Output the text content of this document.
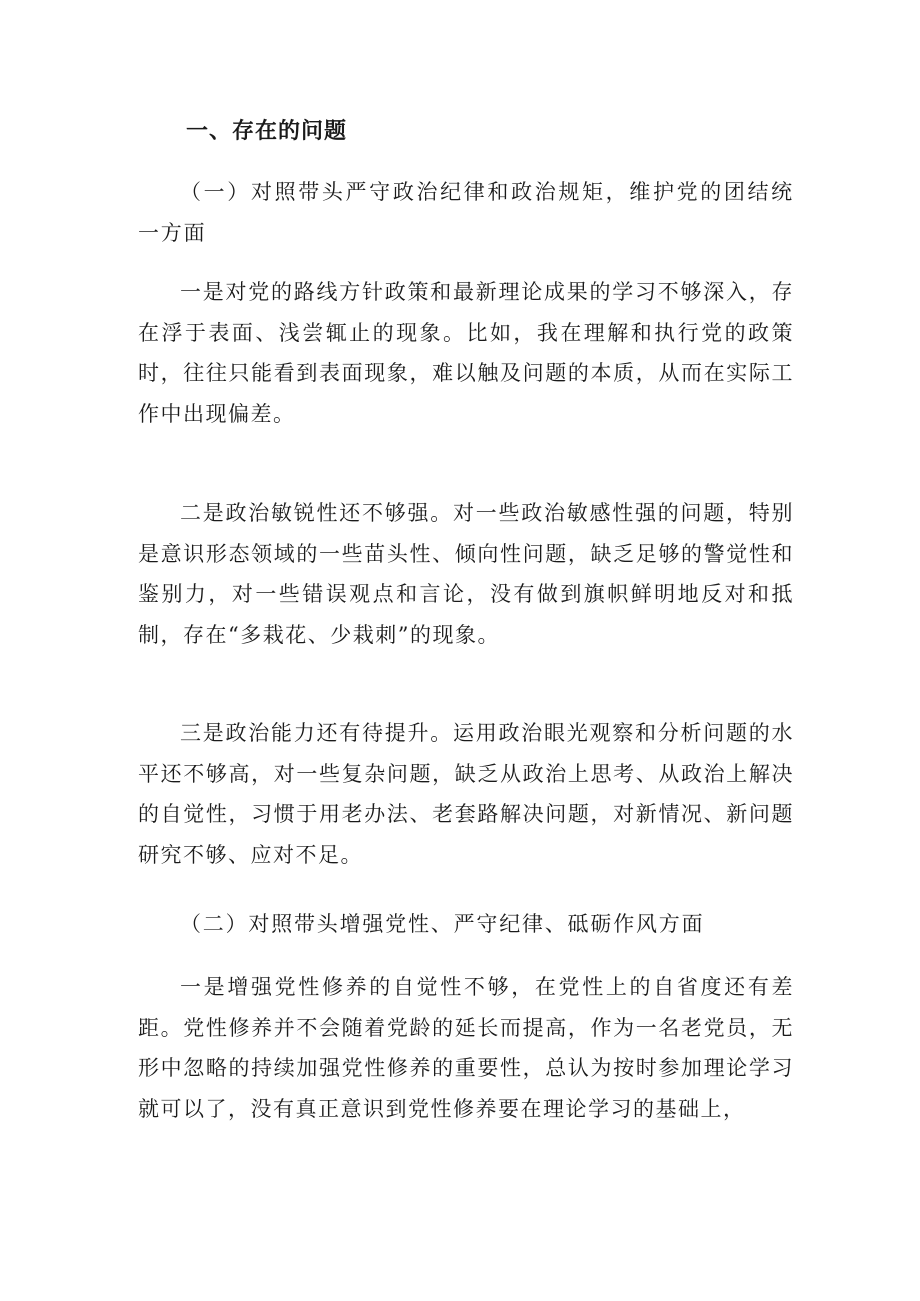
一、存在的问题

（一）对照带头严守政治纪律和政治规矩，维护党的团结统一方面

一是对党的路线方针政策和最新理论成果的学习不够深入，存在浮于表面、浅尝辄止的现象。比如，我在理解和执行党的政策时，往往只能看到表面现象，难以触及问题的本质，从而在实际工作中出现偏差。

二是政治敏锐性还不够强。对一些政治敏感性强的问题，特别是意识形态领域的一些苗头性、倾向性问题，缺乏足够的警觉性和鉴别力，对一些错误观点和言论，没有做到旗帜鲜明地反对和抵制，存在“多栽花、少栽刺”的现象。

三是政治能力还有待提升。运用政治眼光观察和分析问题的水平还不够高，对一些复杂问题，缺乏从政治上思考、从政治上解决的自觉性，习惯于用老办法、老套路解决问题，对新情况、新问题研究不够、应对不足。

（二）对照带头增强党性、严守纪律、砥砺作风方面

一是增强党性修养的自觉性不够，在党性上的自省度还有差距。党性修养并不会随着党龄的延长而提高，作为一名老党员，无形中忽略的持续加强党性修养的重要性，总认为按时参加理论学习就可以了，没有真正意识到党性修养要在理论学习的基础上，
